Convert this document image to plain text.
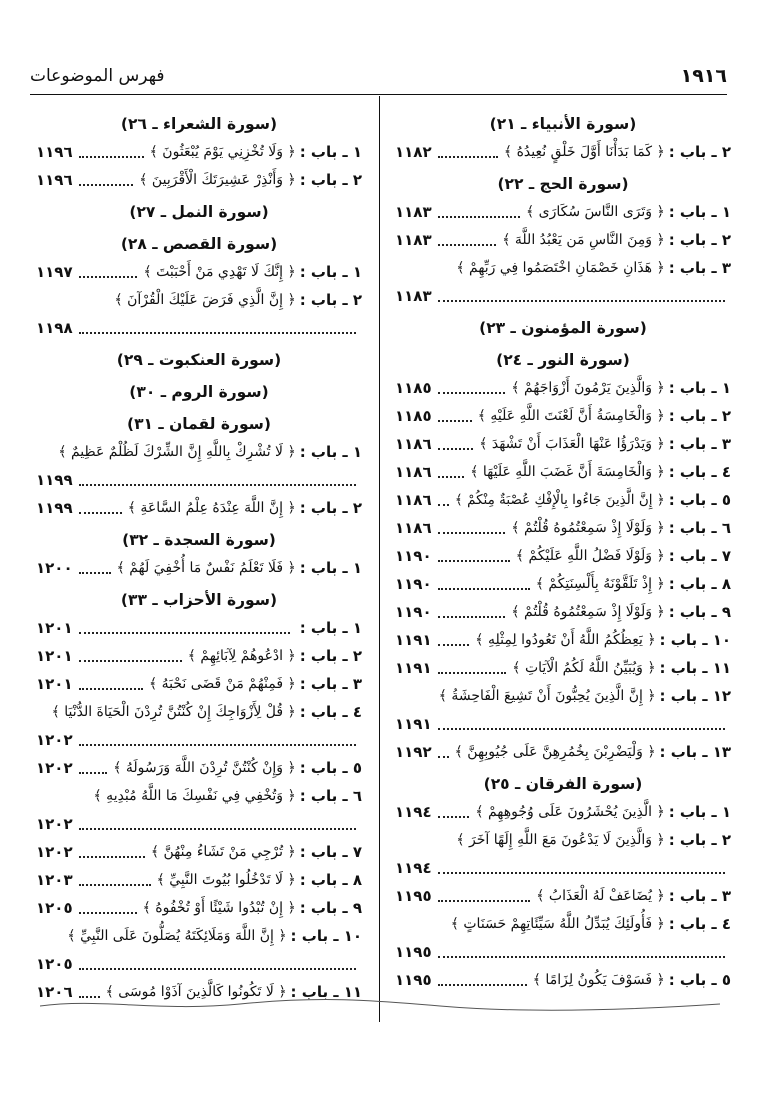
فهرس الموضوعات	١٩١٦
(سورة الأنبياء ـ ٢١)
٢ ـ باب :
﴿ كَمَا بَدَأْنَا أَوَّلَ خَلْقٍ نُعِيدُهُ ﴾
١١٨٢
(سورة الحج ـ ٢٢)
١ ـ باب :
﴿ وَتَرَى النَّاسَ سُكَارَى ﴾
١١٨٣
٢ ـ باب :
﴿ وَمِنَ النَّاسِ مَن يَعْبُدُ اللَّهَ ﴾
١١٨٣
٣ ـ باب :
﴿ هَذَانِ خَصْمَانِ اخْتَصَمُوا فِي رَبِّهِمْ ﴾
١١٨٣
(سورة المؤمنون ـ ٢٣)
(سورة النور ـ ٢٤)
١ ـ باب :
﴿ وَالَّذِينَ يَرْمُونَ أَزْوَاجَهُمْ ﴾
١١٨٥
٢ ـ باب :
﴿ وَالْخَامِسَةُ أَنَّ لَعْنَتَ اللَّهِ عَلَيْهِ ﴾
١١٨٥
٣ ـ باب :
﴿ وَيَدْرَؤُا عَنْهَا الْعَذَابَ أَنْ تَشْهَدَ ﴾
١١٨٦
٤ ـ باب :
﴿ وَالْخَامِسَةَ أَنَّ غَضَبَ اللَّهِ عَلَيْهَا ﴾
١١٨٦
٥ ـ باب :
﴿ إِنَّ الَّذِينَ جَاءُوا بِالْإِفْكِ عُصْبَةٌ مِنْكُمْ ﴾
١١٨٦
٦ ـ باب :
﴿ وَلَوْلَا إِذْ سَمِعْتُمُوهُ قُلْتُمْ ﴾
١١٨٦
٧ ـ باب :
﴿ وَلَوْلَا فَضْلُ اللَّهِ عَلَيْكُمْ ﴾
١١٩٠
٨ ـ باب :
﴿ إِذْ تَلَقَّوْنَهُ بِأَلْسِنَتِكُمْ ﴾
١١٩٠
٩ ـ باب :
﴿ وَلَوْلَا إِذْ سَمِعْتُمُوهُ قُلْتُمْ ﴾
١١٩٠
١٠ ـ باب :
﴿ يَعِظُكُمُ اللَّهُ أَنْ تَعُودُوا لِمِثْلِهِ ﴾
١١٩١
١١ ـ باب :
﴿ وَيُبَيِّنُ اللَّهُ لَكُمُ الْآيَاتِ ﴾
١١٩١
١٢ ـ باب :
﴿ إِنَّ الَّذِينَ يُحِبُّونَ أَنْ تَشِيعَ الْفَاحِشَةُ ﴾
١١٩١
١٣ ـ باب :
﴿ وَلْيَضْرِبْنَ بِخُمُرِهِنَّ عَلَى جُيُوبِهِنَّ ﴾
١١٩٢
(سورة الفرقان ـ ٢٥)
١ ـ باب :
﴿ الَّذِينَ يُحْشَرُونَ عَلَى وُجُوهِهِمْ ﴾
١١٩٤
٢ ـ باب :
﴿ وَالَّذِينَ لَا يَدْعُونَ مَعَ اللَّهِ إِلَهًا آخَرَ ﴾
١١٩٤
٣ ـ باب :
﴿ يُضَاعَفْ لَهُ الْعَذَابُ ﴾
١١٩٥
٤ ـ باب :
﴿ فَأُولَئِكَ يُبَدِّلُ اللَّهُ سَيِّئَاتِهِمْ حَسَنَاتٍ ﴾
١١٩٥
٥ ـ باب :
﴿ فَسَوْفَ يَكُونُ لِزَامًا ﴾
١١٩٥
(سورة الشعراء ـ ٢٦)
١ ـ باب :
﴿ وَلَا تُخْزِنِي يَوْمَ يُبْعَثُونَ ﴾
١١٩٦
٢ ـ باب :
﴿ وَأَنْذِرْ عَشِيرَتَكَ الْأَقْرَبِينَ ﴾
١١٩٦
(سورة النمل ـ ٢٧)
(سورة القصص ـ ٢٨)
١ ـ باب :
﴿ إِنَّكَ لَا تَهْدِي مَنْ أَحْبَبْتَ ﴾
١١٩٧
٢ ـ باب :
﴿ إِنَّ الَّذِي فَرَضَ عَلَيْكَ الْقُرْآنَ ﴾
١١٩٨
(سورة العنكبوت ـ ٢٩)
(سورة الروم ـ ٣٠)
(سورة لقمان ـ ٣١)
١ ـ باب :
﴿ لَا تُشْرِكْ بِاللَّهِ إِنَّ الشِّرْكَ لَظُلْمٌ عَظِيمٌ ﴾
١١٩٩
٢ ـ باب :
﴿ إِنَّ اللَّهَ عِنْدَهُ عِلْمُ السَّاعَةِ ﴾
١١٩٩
(سورة السجدة ـ ٣٢)
١ ـ باب :
﴿ فَلَا تَعْلَمُ نَفْسٌ مَا أُخْفِيَ لَهُمْ ﴾
١٢٠٠
(سورة الأحزاب ـ ٣٣)
١ ـ باب :
١٢٠١
٢ ـ باب :
﴿ ادْعُوهُمْ لِآبَائِهِمْ ﴾
١٢٠١
٣ ـ باب :
﴿ فَمِنْهُمْ مَنْ قَضَى نَحْبَهُ ﴾
١٢٠١
٤ ـ باب :
﴿ قُلْ لِأَزْوَاجِكَ إِنْ كُنْتُنَّ تُرِدْنَ الْحَيَاةَ الدُّنْيَا ﴾
١٢٠٢
٥ ـ باب :
﴿ وَإِنْ كُنْتُنَّ تُرِدْنَ اللَّهَ وَرَسُولَهُ ﴾
١٢٠٢
٦ ـ باب :
﴿ وَتُخْفِي فِي نَفْسِكَ مَا اللَّهُ مُبْدِيهِ ﴾
١٢٠٢
٧ ـ باب :
﴿ تُرْجِي مَنْ تَشَاءُ مِنْهُنَّ ﴾
١٢٠٢
٨ ـ باب :
﴿ لَا تَدْخُلُوا بُيُوتَ النَّبِيِّ ﴾
١٢٠٣
٩ ـ باب :
﴿ إِنْ تُبْدُوا شَيْئًا أَوْ تُخْفُوهُ ﴾
١٢٠٥
١٠ ـ باب :
﴿ إِنَّ اللَّهَ وَمَلَائِكَتَهُ يُصَلُّونَ عَلَى النَّبِيِّ ﴾
١٢٠٥
١١ ـ باب :
﴿ لَا تَكُونُوا كَالَّذِينَ آذَوْا مُوسَى ﴾
١٢٠٦
